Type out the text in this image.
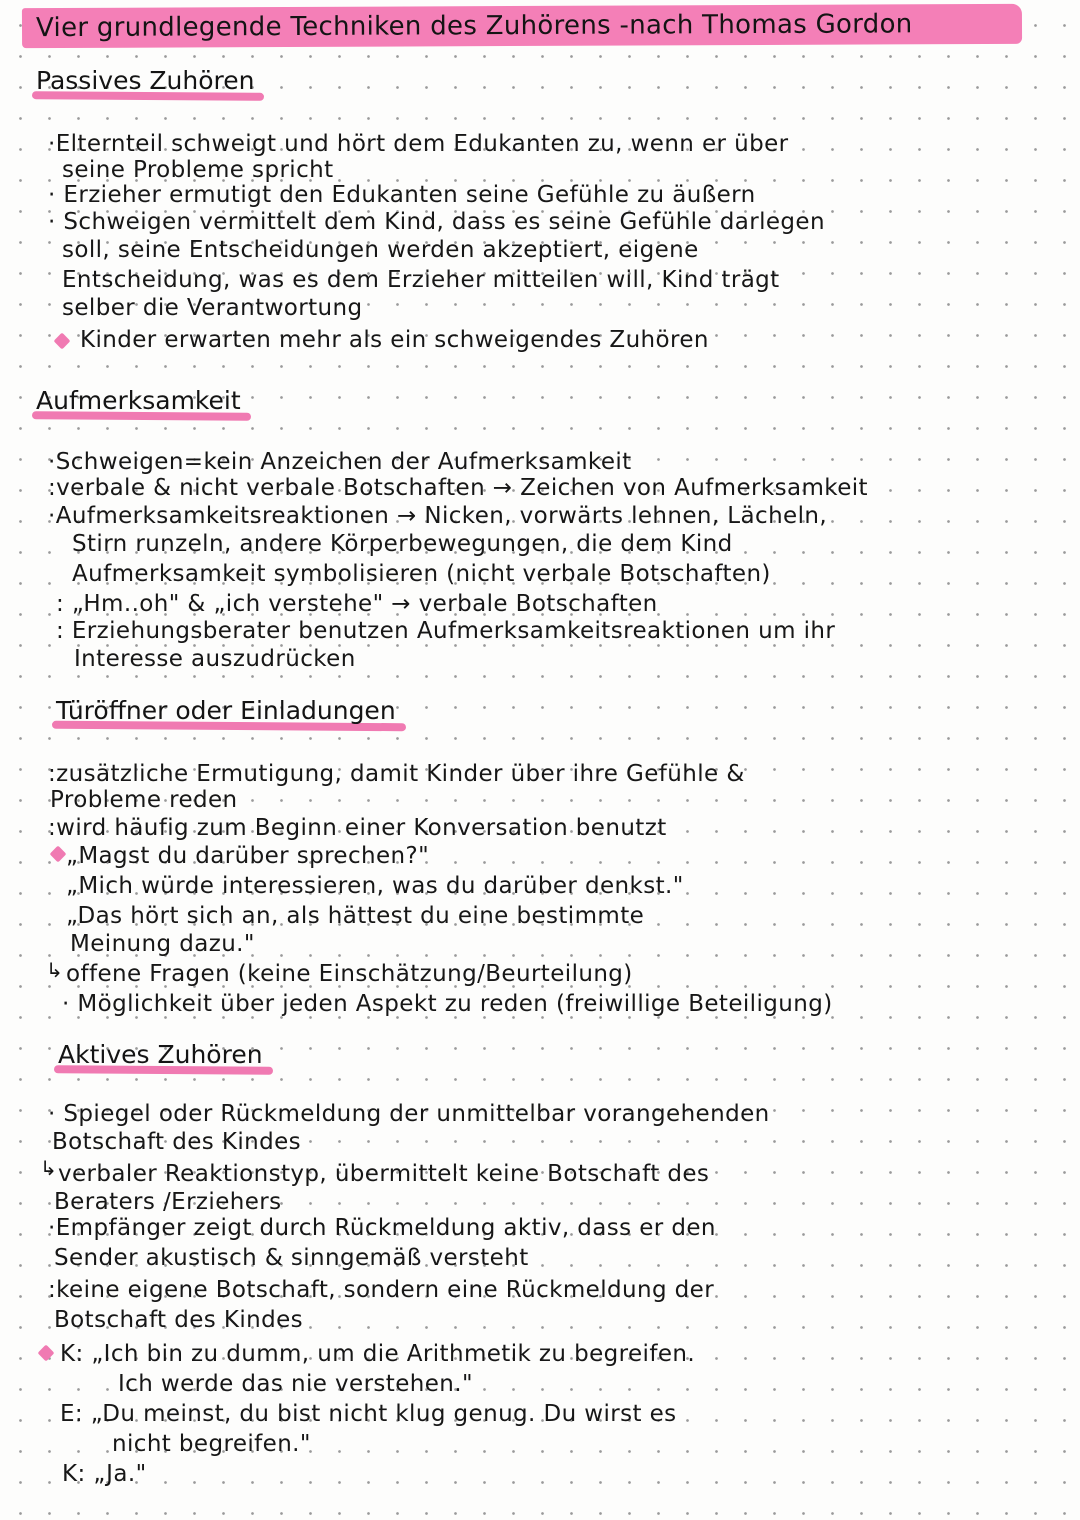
Vier grundlegende Techniken des Zuhörens -nach Thomas Gordon
Passives Zuhören
·Elternteil schweigt und hört dem Edukanten zu, wenn er über
seine Probleme spricht
· Erzieher ermutigt den Edukanten seine Gefühle zu äußern
· Schweigen vermittelt dem Kind, dass es seine Gefühle darlegen
soll, seine Entscheidungen werden akzeptiert, eigene
Entscheidung, was es dem Erzieher mitteilen will, Kind trägt
selber die Verantwortung
Kinder erwarten mehr als ein schweigendes Zuhören
Aufmerksamkeit
·Schweigen=kein Anzeichen der Aufmerksamkeit
:verbale & nicht verbale Botschaften → Zeichen von Aufmerksamkeit
·Aufmerksamkeitsreaktionen → Nicken, vorwärts lehnen, Lächeln,
Stirn runzeln, andere Körperbewegungen, die dem Kind
Aufmerksamkeit symbolisieren (nicht verbale Botschaften)
: „Hm..oh" & „ich verstehe" → verbale Botschaften
: Erziehungsberater benutzen Aufmerksamkeitsreaktionen um ihr
Interesse auszudrücken
Türöffner oder Einladungen
:zusätzliche Ermutigung, damit Kinder über ihre Gefühle &
Probleme reden
:wird häufig zum Beginn einer Konversation benutzt
„Magst du darüber sprechen?"
„Mich würde interessieren, was du darüber denkst."
„Das hört sich an, als hättest du eine bestimmte
Meinung dazu."
↳ offene Fragen (keine Einschätzung/Beurteilung)
· Möglichkeit über jeden Aspekt zu reden (freiwillige Beteiligung)
Aktives Zuhören
· Spiegel oder Rückmeldung der unmittelbar vorangehenden
Botschaft des Kindes
↳ verbaler Reaktionstyp, übermittelt keine Botschaft des
Beraters /Erziehers
·Empfänger zeigt durch Rückmeldung aktiv, dass er den
Sender akustisch & sinngemäß versteht
:keine eigene Botschaft, sondern eine Rückmeldung der
Botschaft des Kindes
K: „Ich bin zu dumm, um die Arithmetik zu begreifen.
Ich werde das nie verstehen."
E: „Du meinst, du bist nicht klug genug. Du wirst es
nicht begreifen."
K: „Ja."
